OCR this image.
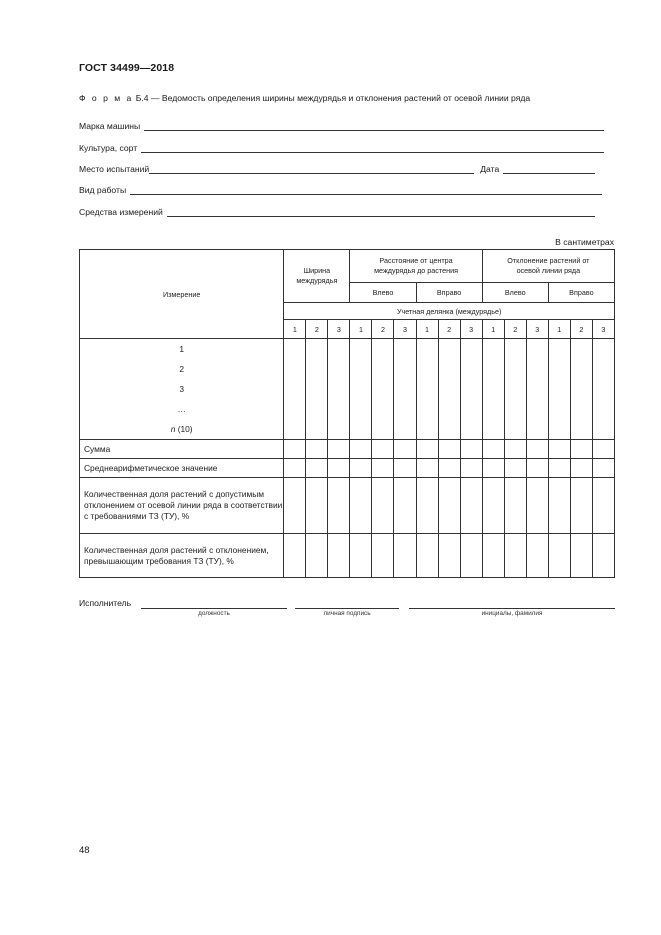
ГОСТ 34499—2018
Ф о р м а Б.4 — Ведомость определения ширины междурядья и отклонения растений от осевой линии ряда
Марка машины
Культура, сорт
Место испытаний	Дата
Вид работы
Средства измерений
В сантиметрах
Измерение	Ширина междурядья			Расстояние от центра междурядья до растения						Отклонение растений от осевой линии ряда					
				Влево			Вправо			Влево			Вправо		
	Учетная делянка (междурядье)														
	1	2	3	1	2	3	1	2	3	1	2	3	1	2	3

1
2
3
…
n (10)															

Сумма															
Среднеарифметическое значение															
Количественная доля растений с допустимым отклонением от осевой линии ряда в соответствии с требованиями ТЗ (ТУ), %															
Количественная доля растений с отклонением, превышающим требования ТЗ (ТУ), %															
Исполнитель
должность	личная подпись	инициалы, фамилия
48
